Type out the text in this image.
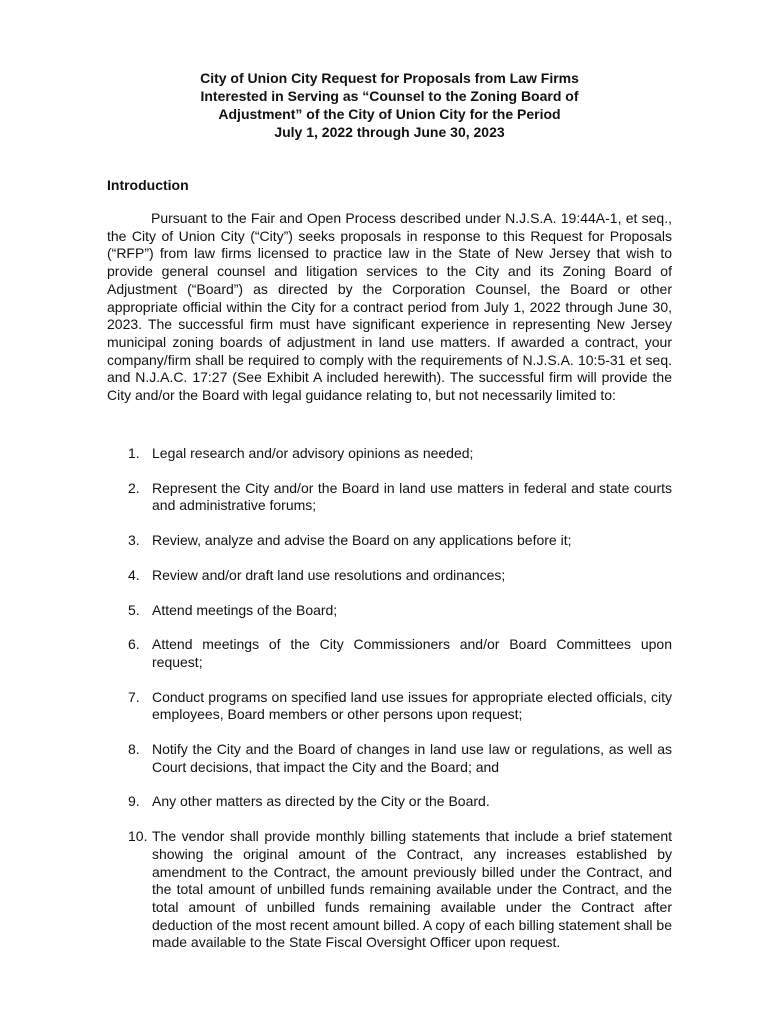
City of Union City Request for Proposals from Law Firms
Interested in Serving as “Counsel to the Zoning Board of
Adjustment” of the City of Union City for the Period
July 1, 2022 through June 30, 2023
Introduction

Pursuant to the Fair and Open Process described under N.J.S.A. 19:44A-1, et seq., the City of Union City (“City”) seeks proposals in response to this Request for Proposals (“RFP”) from law firms licensed to practice law in the State of New Jersey that wish to provide general counsel and litigation services to the City and its Zoning Board of Adjustment (“Board”) as directed by the Corporation Counsel, the Board or other appropriate official within the City for a contract period from July 1, 2022 through June 30, 2023. The successful firm must have significant experience in representing New Jersey municipal zoning boards of adjustment in land use matters. If awarded a contract, your company/firm shall be required to comply with the requirements of N.J.S.A. 10:5-31 et seq. and N.J.A.C. 17:27 (See Exhibit A included herewith). The successful firm will provide the City and/or the Board with legal guidance relating to, but not necessarily limited to:

1. Legal research and/or advisory opinions as needed;
2. Represent the City and/or the Board in land use matters in federal and state courts and administrative forums;
3. Review, analyze and advise the Board on any applications before it;
4. Review and/or draft land use resolutions and ordinances;
5. Attend meetings of the Board;
6. Attend meetings of the City Commissioners and/or Board Committees upon request;
7. Conduct programs on specified land use issues for appropriate elected officials, city employees, Board members or other persons upon request;
8. Notify the City and the Board of changes in land use law or regulations, as well as Court decisions, that impact the City and the Board; and
9. Any other matters as directed by the City or the Board.
10. The vendor shall provide monthly billing statements that include a brief statement showing the original amount of the Contract, any increases established by amendment to the Contract, the amount previously billed under the Contract, and the total amount of unbilled funds remaining available under the Contract, and the total amount of unbilled funds remaining available under the Contract after deduction of the most recent amount billed. A copy of each billing statement shall be made available to the State Fiscal Oversight Officer upon request.
